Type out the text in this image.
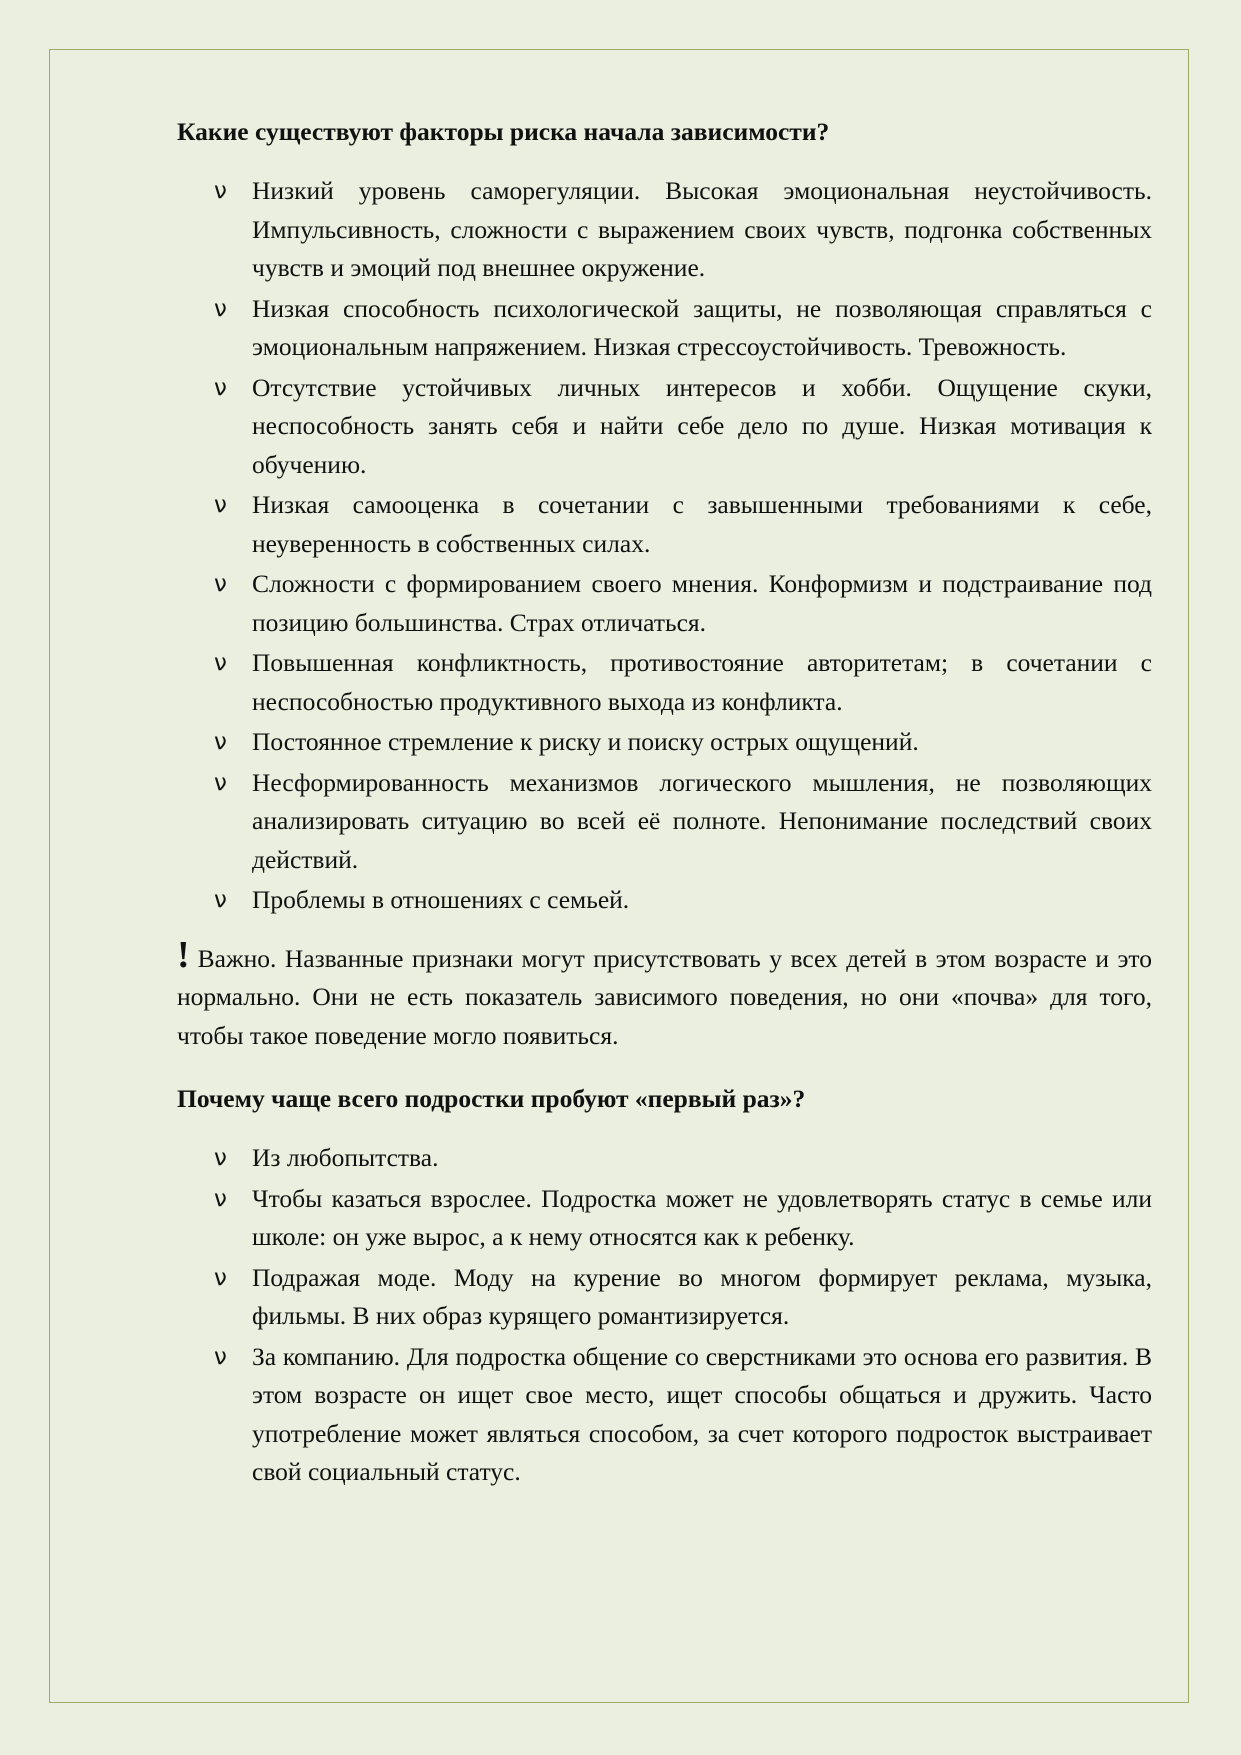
Какие существуют факторы риска начала зависимости?
ν Низкий уровень саморегуляции. Высокая эмоциональная неустойчивость. Импульсивность, сложности с выражением своих чувств, подгонка собственных чувств и эмоций под внешнее окружение.
ν Низкая способность психологической защиты, не позволяющая справляться с эмоциональным напряжением. Низкая стрессоустойчивость. Тревожность.
ν Отсутствие устойчивых личных интересов и хобби. Ощущение скуки, неспособность занять себя и найти себе дело по душе. Низкая мотивация к обучению.
ν Низкая самооценка в сочетании с завышенными требованиями к себе, неуверенность в собственных силах.
ν Сложности с формированием своего мнения. Конформизм и подстраивание под позицию большинства. Страх отличаться.
ν Повышенная конфликтность, противостояние авторитетам; в сочетании с неспособностью продуктивного выхода из конфликта.
ν Постоянное стремление к риску и поиску острых ощущений.
ν Несформированность механизмов логического мышления, не позволяющих анализировать ситуацию во всей её полноте. Непонимание последствий своих действий.
ν Проблемы в отношениях с семьей.

! Важно. Названные признаки могут присутствовать у всех детей в этом возрасте и это нормально. Они не есть показатель зависимого поведения, но они «почва» для того, чтобы такое поведение могло появиться.

Почему чаще всего подростки пробуют «первый раз»?
ν Из любопытства.
ν Чтобы казаться взрослее. Подростка может не удовлетворять статус в семье или школе: он уже вырос, а к нему относятся как к ребенку.
ν Подражая моде. Моду на курение во многом формирует реклама, музыка, фильмы. В них образ курящего романтизируется.
ν За компанию. Для подростка общение со сверстниками это основа его развития. В этом возрасте он ищет свое место, ищет способы общаться и дружить. Часто употребление может являться способом, за счет которого подросток выстраивает свой социальный статус.
